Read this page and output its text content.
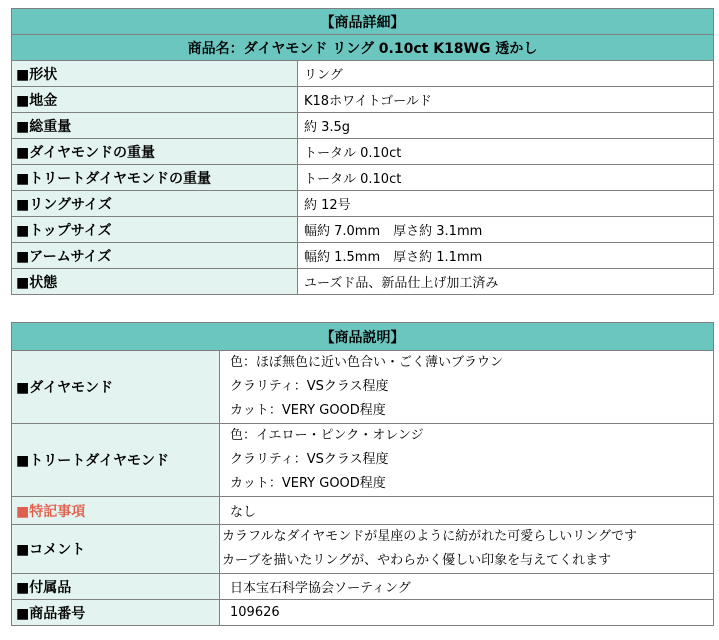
【商品詳細】	
商品名：ダイヤモンド リング 0.10ct K18WG 透かし	
■形状	リング
■地金	K18ホワイトゴールド
■総重量	約 3.5g
■ダイヤモンドの重量	トータル 0.10ct
■トリートダイヤモンドの重量	トータル 0.10ct
■リングサイズ	約 12号
■トップサイズ	幅約 7.0mm　厚さ約 3.1mm
■アームサイズ	幅約 1.5mm　厚さ約 1.1mm
■状態	ユーズド品、新品仕上げ加工済み
【商品説明】	
■ダイヤモンド	色：ほぼ無色に近い色合い・ごく薄いブラウン
クラリティ：VSクラス程度
カット：VERY GOOD程度

■トリートダイヤモンド	色：イエロー・ピンク・オレンジ
クラリティ：VSクラス程度
カット：VERY GOOD程度

■特記事項	なし
■コメント	カラフルなダイヤモンドが星座のように紡がれた可愛らしいリングです
カーブを描いたリングが、やわらかく優しい印象を与えてくれます

■付属品	日本宝石科学協会ソーティング
■商品番号	109626
